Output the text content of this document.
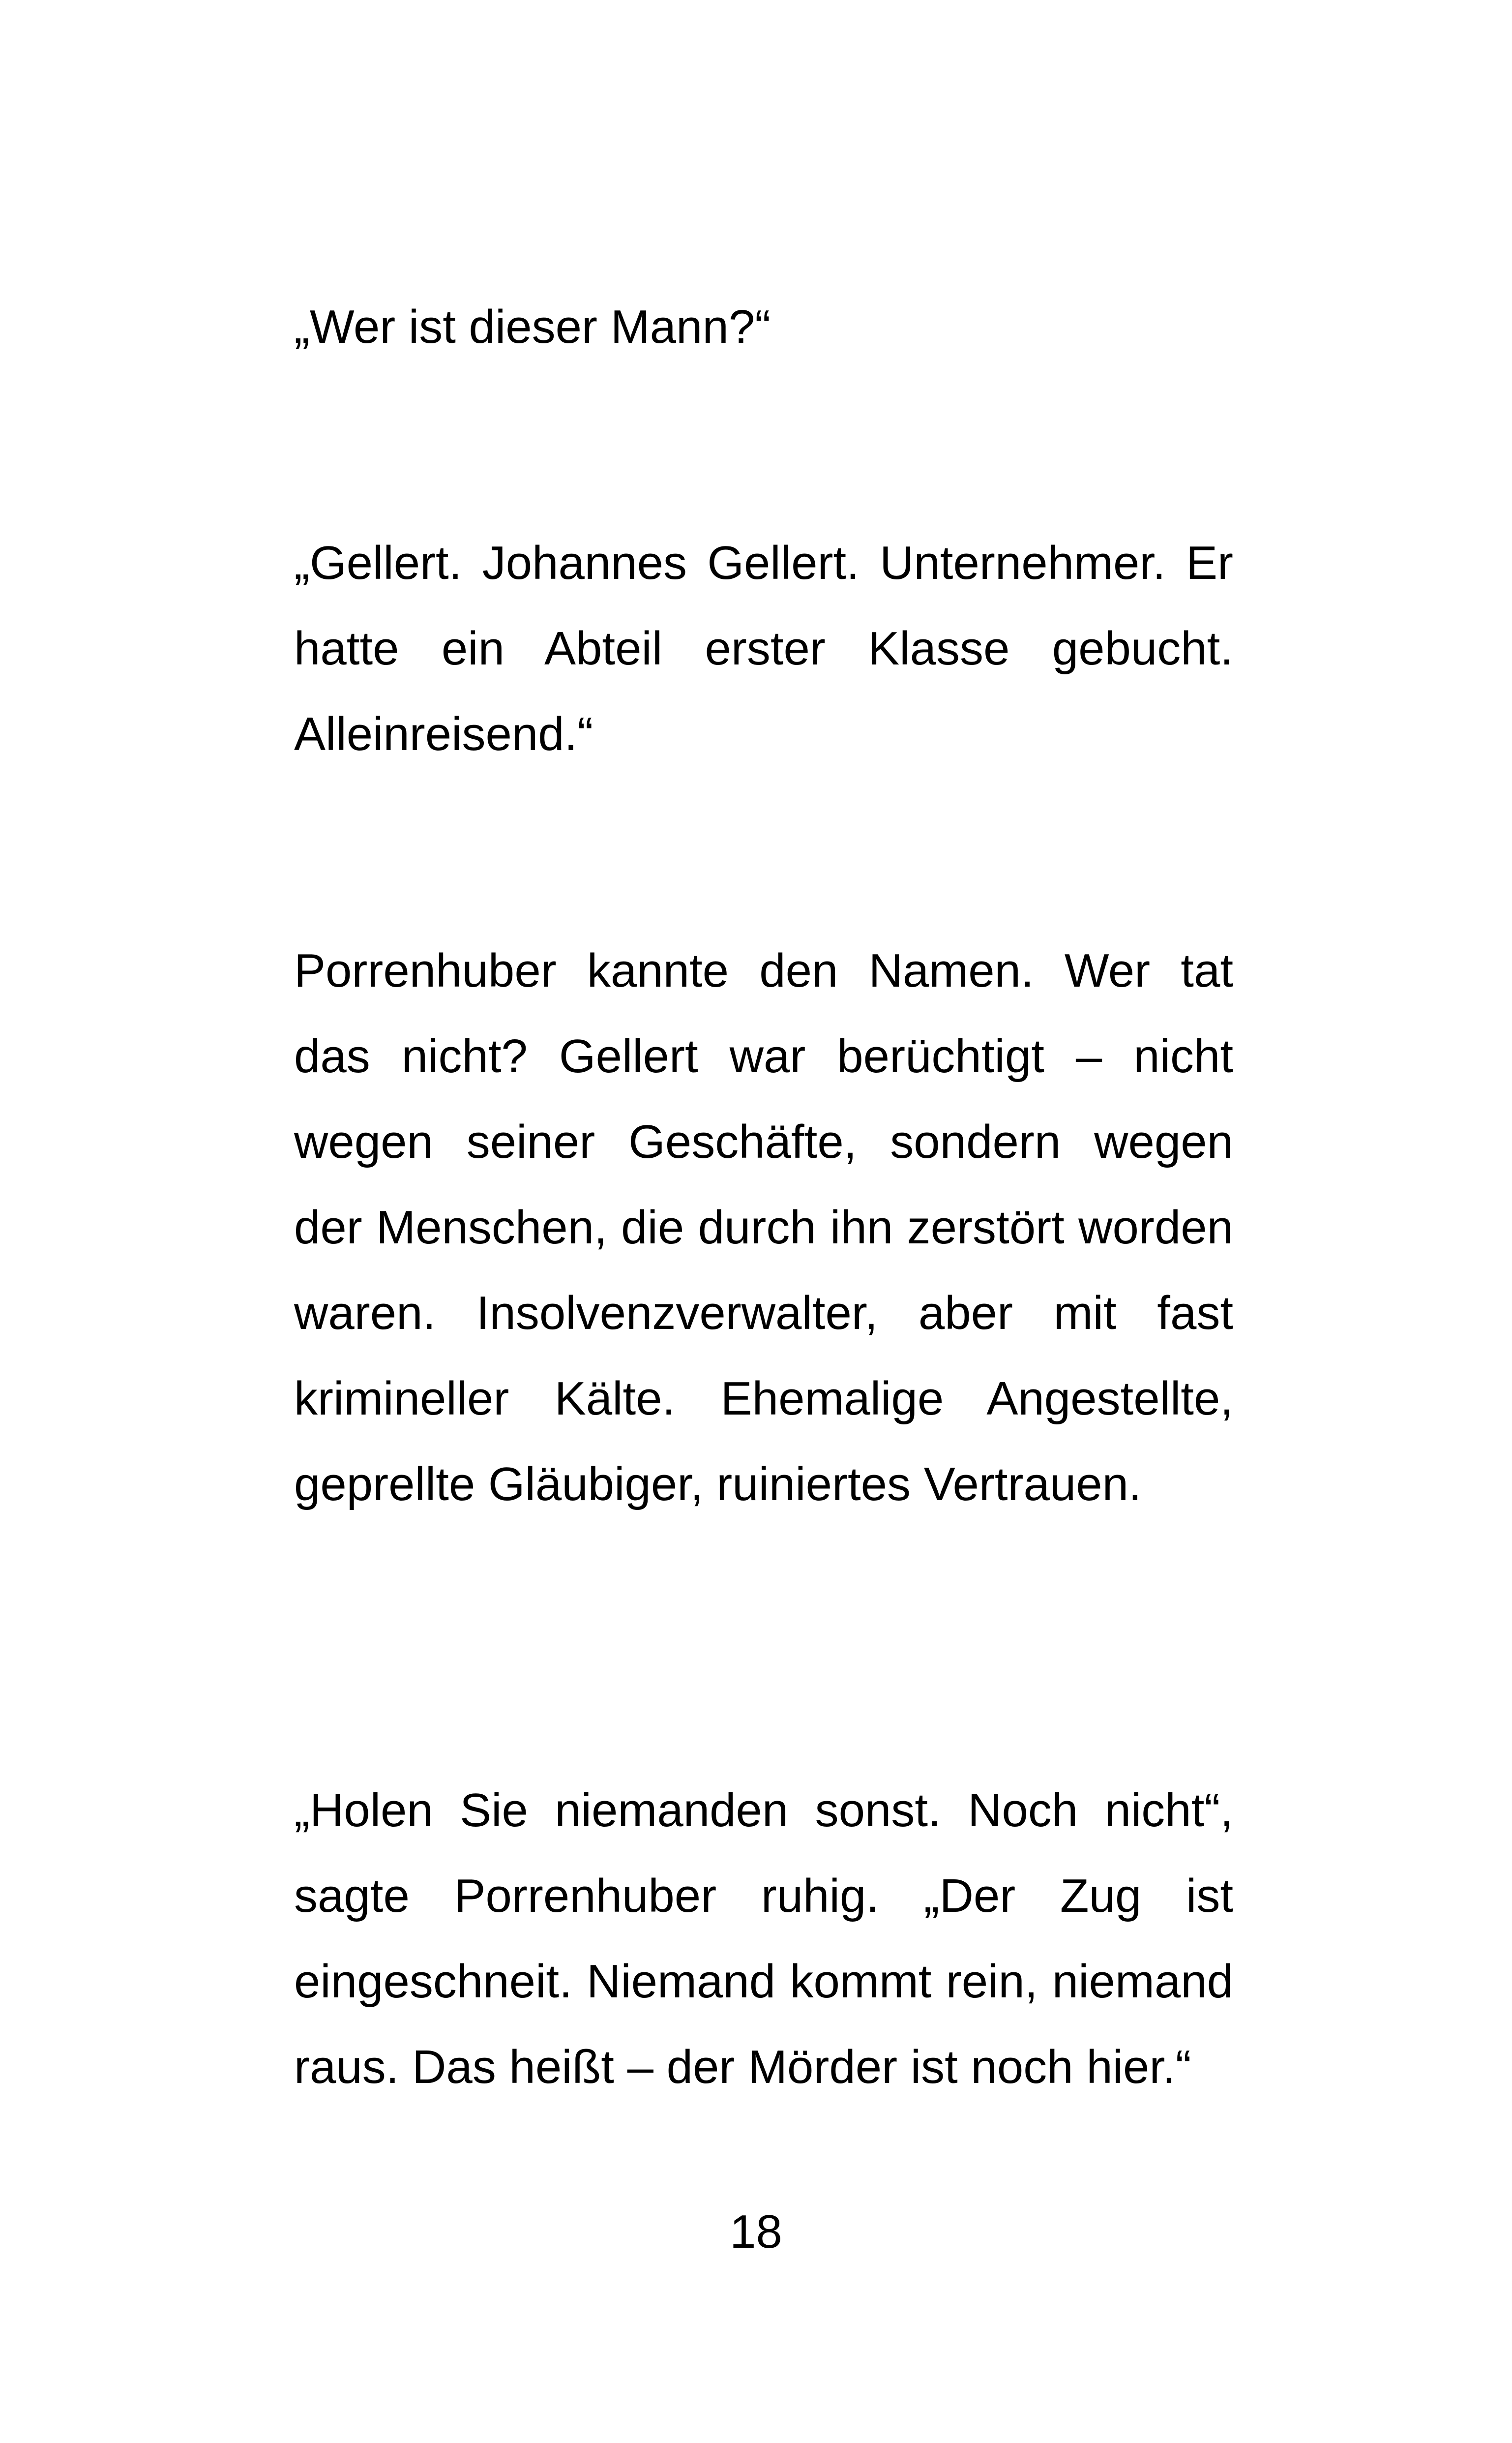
„Wer ist dieser Mann?“

„Gellert. Johannes Gellert. Unternehmer. Er hatte ein Abteil erster Klasse gebucht. Alleinreisend.“

Porrenhuber kannte den Namen. Wer tat das nicht? Gellert war berüchtigt – nicht wegen seiner Geschäfte, sondern wegen der Menschen, die durch ihn zerstört worden waren. Insolvenzverwalter, aber mit fast krimineller Kälte. Ehemalige Angestellte, geprellte Gläubiger, ruiniertes Vertrauen.

„Holen Sie niemanden sonst. Noch nicht“, sagte Porrenhuber ruhig. „Der Zug ist eingeschneit. Niemand kommt rein, niemand raus. Das heißt – der Mörder ist noch hier.“

18
